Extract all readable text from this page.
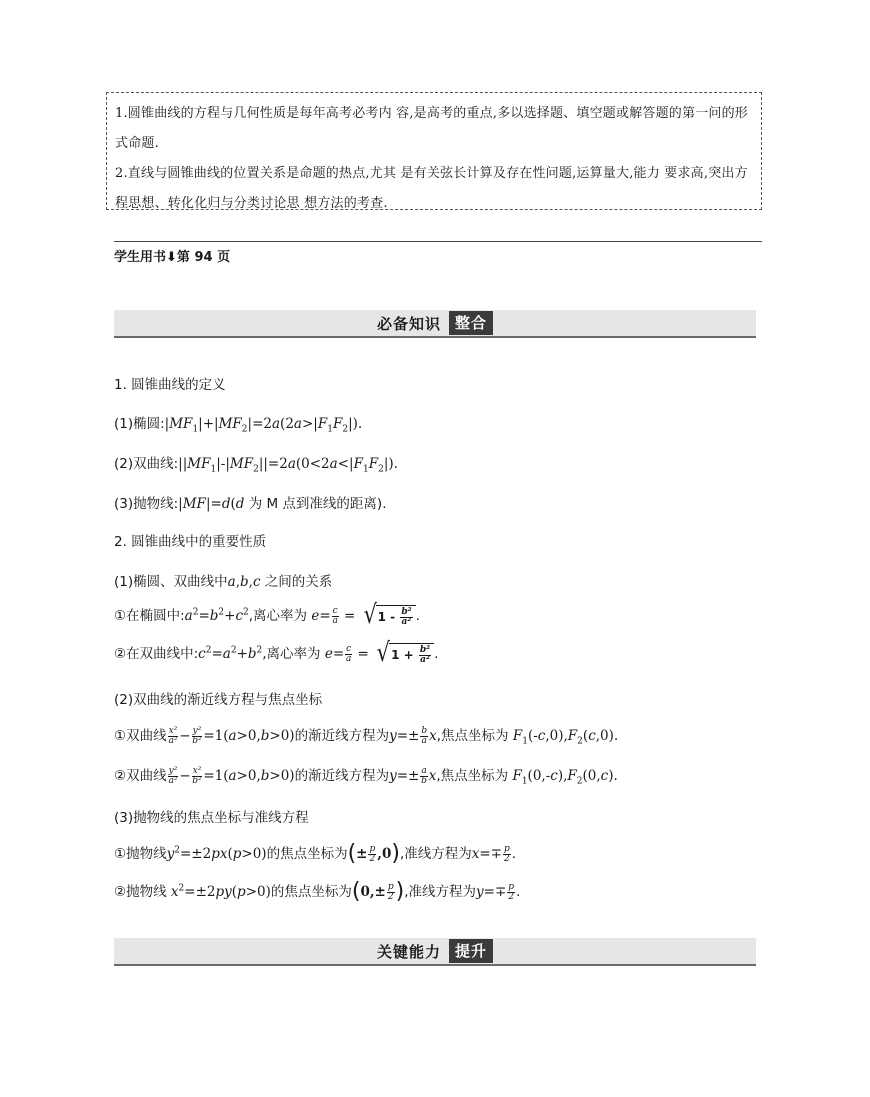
1.圆锥曲线的方程与几何性质是每年高考必考内 容,是高考的重点,多以选择题、填空题或解答题的第一问的形式命题.

2.直线与圆锥曲线的位置关系是命题的热点,尤其 是有关弦长计算及存在性问题,运算量大,能力 要求高,突出方程思想、转化化归与分类讨论思 想方法的考查.

学生用书⬇第 94 页
必备知识 整合
1. 圆锥曲线的定义
(1)椭圆$:|MF_1|+|MF_2|=2a(2a>|F_1F_2|)$.
(2)双曲线$:||MF_1|-|MF_2||=2a(0<2a<|F_1F_2|)$.
(3)抛物线:|MF|=d(d 为 M 点到准线的距离).
2. 圆锥曲线中的重要性质
(1)椭圆、双曲线中a,b,c 之间的关系
①在椭圆中$:a^2=b^2+c^2$,离心率为 $e= \frac{c}{a}$ = √ $1 - \frac{\text{b²}}{\text{a²}}$ .
②在双曲线中$:c^2=a^2+b^2$,离心率为 $e= \frac{c}{a}$ = √ $1 + \frac{\text{b²}}{\text{a²}}$ .
(2)双曲线的渐近线方程与焦点坐标
①双曲线 $\frac{\text{x²}}{\text{a²}} - \frac{\text{y²}}{\text{b²}} =1(a>0,b>0)$的渐近线方程为$y=\pm \frac{b}{a} x$,焦点坐标为 $F_1(-c,0),F_2(c,0)$.
②双曲线 $\frac{\text{y²}}{\text{a²}} - \frac{\text{x²}}{\text{b²}} =1(a>0,b>0)$的渐近线方程为$y=\pm \frac{a}{b} x$,焦点坐标为 $F_1(0,-c),F_2(0,c)$.
(3)抛物线的焦点坐标与准线方程
①抛物线$y^2=\pm 2px(p>0)$的焦点坐标为(± $\frac{p}{2} ,0$),准线方程为$x=\mp \frac{p}{2}$ .
②抛物线 $x^2=\pm 2py(p>0)$的焦点坐标为($0,\pm \frac{p}{2}$ ),准线方程为$y=\mp \frac{p}{2}$ .
关键能力 提升
